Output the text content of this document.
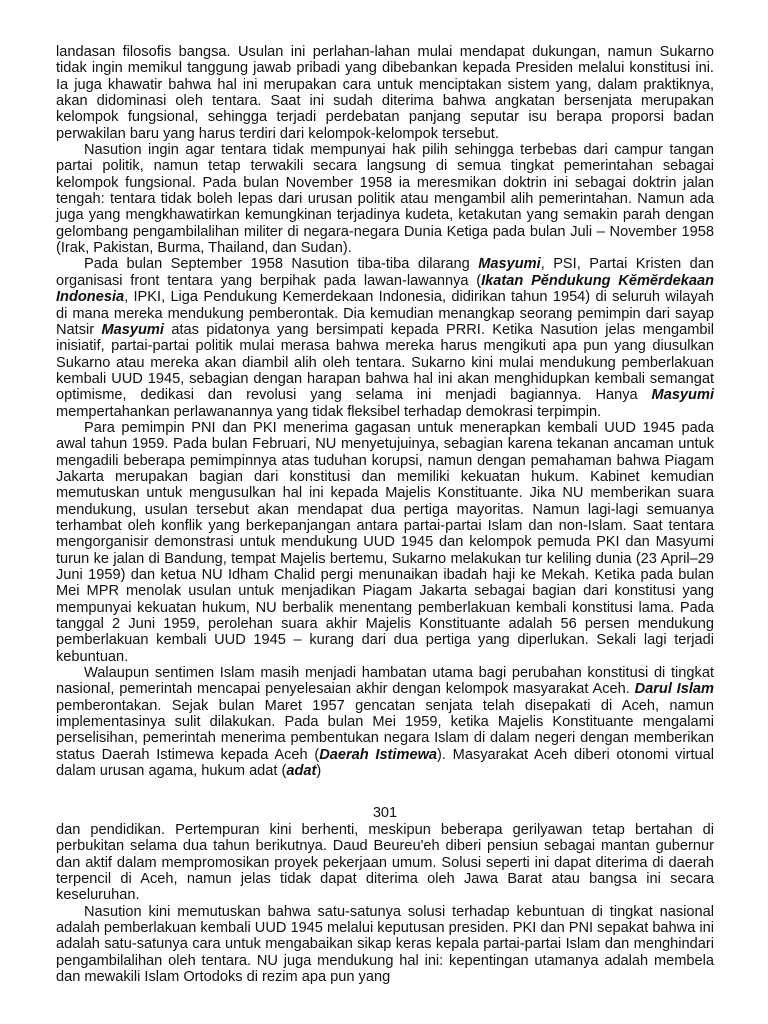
landasan filosofis bangsa. Usulan ini perlahan-lahan mulai mendapat dukungan, namun Sukarno tidak ingin memikul tanggung jawab pribadi yang dibebankan kepada Presiden melalui konstitusi ini. Ia juga khawatir bahwa hal ini merupakan cara untuk menciptakan sistem yang, dalam praktiknya, akan didominasi oleh tentara. Saat ini sudah diterima bahwa angkatan bersenjata merupakan kelompok fungsional, sehingga terjadi perdebatan panjang seputar isu berapa proporsi badan perwakilan baru yang harus terdiri dari kelompok-kelompok tersebut.

Nasution ingin agar tentara tidak mempunyai hak pilih sehingga terbebas dari campur tangan partai politik, namun tetap terwakili secara langsung di semua tingkat pemerintahan sebagai kelompok fungsional. Pada bulan November 1958 ia meresmikan doktrin ini sebagai doktrin jalan tengah: tentara tidak boleh lepas dari urusan politik atau mengambil alih pemerintahan. Namun ada juga yang mengkhawatirkan kemungkinan terjadinya kudeta, ketakutan yang semakin parah dengan gelombang pengambilalihan militer di negara-negara Dunia Ketiga pada bulan Juli – November 1958 (Irak, Pakistan, Burma, Thailand, dan Sudan).

Pada bulan September 1958 Nasution tiba-tiba dilarang Masyumi, PSI, Partai Kristen dan organisasi front tentara yang berpihak pada lawan-lawannya (Ikatan Pĕndukung Kĕmĕrdekaan Indonesia, IPKI, Liga Pendukung Kemerdekaan Indonesia, didirikan tahun 1954) di seluruh wilayah di mana mereka mendukung pemberontak. Dia kemudian menangkap seorang pemimpin dari sayap Natsir Masyumi atas pidatonya yang bersimpati kepada PRRI. Ketika Nasution jelas mengambil inisiatif, partai-partai politik mulai merasa bahwa mereka harus mengikuti apa pun yang diusulkan Sukarno atau mereka akan diambil alih oleh tentara. Sukarno kini mulai mendukung pemberlakuan kembali UUD 1945, sebagian dengan harapan bahwa hal ini akan menghidupkan kembali semangat optimisme, dedikasi dan revolusi yang selama ini menjadi bagiannya. Hanya Masyumi mempertahankan perlawanannya yang tidak fleksibel terhadap demokrasi terpimpin.

Para pemimpin PNI dan PKI menerima gagasan untuk menerapkan kembali UUD 1945 pada awal tahun 1959. Pada bulan Februari, NU menyetujuinya, sebagian karena tekanan ancaman untuk mengadili beberapa pemimpinnya atas tuduhan korupsi, namun dengan pemahaman bahwa Piagam Jakarta merupakan bagian dari konstitusi dan memiliki kekuatan hukum. Kabinet kemudian memutuskan untuk mengusulkan hal ini kepada Majelis Konstituante. Jika NU memberikan suara mendukung, usulan tersebut akan mendapat dua pertiga mayoritas. Namun lagi-lagi semuanya terhambat oleh konflik yang berkepanjangan antara partai-partai Islam dan non-Islam. Saat tentara mengorganisir demonstrasi untuk mendukung UUD 1945 dan kelompok pemuda PKI dan Masyumi turun ke jalan di Bandung, tempat Majelis bertemu, Sukarno melakukan tur keliling dunia (23 April–29 Juni 1959) dan ketua NU Idham Chalid pergi menunaikan ibadah haji ke Mekah. Ketika pada bulan Mei MPR menolak usulan untuk menjadikan Piagam Jakarta sebagai bagian dari konstitusi yang mempunyai kekuatan hukum, NU berbalik menentang pemberlakuan kembali konstitusi lama. Pada tanggal 2 Juni 1959, perolehan suara akhir Majelis Konstituante adalah 56 persen mendukung pemberlakuan kembali UUD 1945 – kurang dari dua pertiga yang diperlukan. Sekali lagi terjadi kebuntuan.

Walaupun sentimen Islam masih menjadi hambatan utama bagi perubahan konstitusi di tingkat nasional, pemerintah mencapai penyelesaian akhir dengan kelompok masyarakat Aceh. Darul Islam pemberontakan. Sejak bulan Maret 1957 gencatan senjata telah disepakati di Aceh, namun implementasinya sulit dilakukan. Pada bulan Mei 1959, ketika Majelis Konstituante mengalami perselisihan, pemerintah menerima pembentukan negara Islam di dalam negeri dengan memberikan status Daerah Istimewa kepada Aceh (Daerah Istimewa). Masyarakat Aceh diberi otonomi virtual dalam urusan agama, hukum adat (adat)

301

dan pendidikan. Pertempuran kini berhenti, meskipun beberapa gerilyawan tetap bertahan di perbukitan selama dua tahun berikutnya. Daud Beureu'eh diberi pensiun sebagai mantan gubernur dan aktif dalam mempromosikan proyek pekerjaan umum. Solusi seperti ini dapat diterima di daerah terpencil di Aceh, namun jelas tidak dapat diterima oleh Jawa Barat atau bangsa ini secara keseluruhan.

Nasution kini memutuskan bahwa satu-satunya solusi terhadap kebuntuan di tingkat nasional adalah pemberlakuan kembali UUD 1945 melalui keputusan presiden. PKI dan PNI sepakat bahwa ini adalah satu-satunya cara untuk mengabaikan sikap keras kepala partai-partai Islam dan menghindari pengambilalihan oleh tentara. NU juga mendukung hal ini: kepentingan utamanya adalah membela dan mewakili Islam Ortodoks di rezim apa pun yang
